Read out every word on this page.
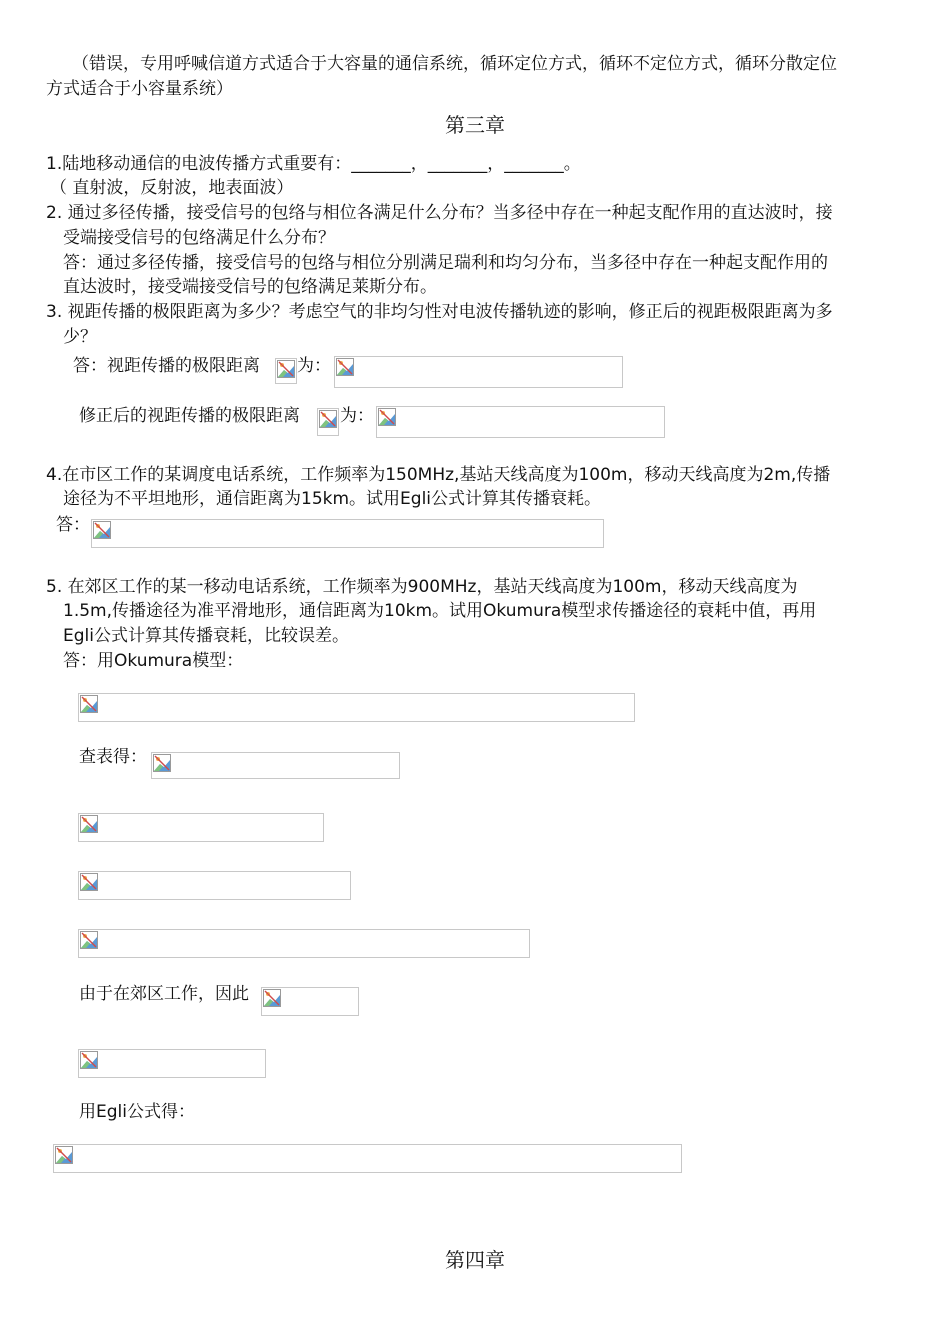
（错误，专用呼喊信道方式适合于大容量的通信系统，循环定位方式，循环不定位方式，循环分散定位
方式适合于小容量系统）
第三章
1.陆地移动通信的电波传播方式重要有：_______，_______，_______。
（ 直射波，反射波，地表面波）
2. 通过多径传播，接受信号的包络与相位各满足什么分布？当多径中存在一种起支配作用的直达波时，接
受端接受信号的包络满足什么分布？
答：通过多径传播，接受信号的包络与相位分别满足瑞利和均匀分布，当多径中存在一种起支配作用的
直达波时，接受端接受信号的包络满足莱斯分布。
3. 视距传播的极限距离为多少？考虑空气的非均匀性对电波传播轨迹的影响，修正后的视距极限距离为多
少？
答：视距传播的极限距离 为：
修正后的视距传播的极限距离 为：
4.在市区工作的某调度电话系统，工作频率为150MHz,基站天线高度为100m，移动天线高度为2m,传播
途径为不平坦地形，通信距离为15km。试用Egli公式计算其传播衰耗。
答：
5. 在郊区工作的某一移动电话系统，工作频率为900MHz，基站天线高度为100m，移动天线高度为
1.5m,传播途径为准平滑地形，通信距离为10km。试用Okumura模型求传播途径的衰耗中值，再用
Egli公式计算其传播衰耗，比较误差。
答：用Okumura模型：
查表得：
由于在郊区工作，因此
用Egli公式得：
第四章
